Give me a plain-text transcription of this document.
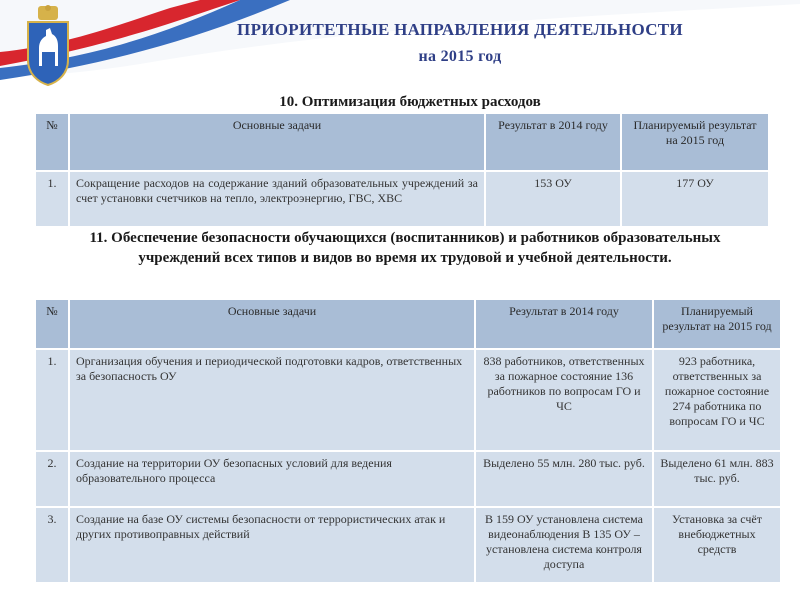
ПРИОРИТЕТНЫЕ НАПРАВЛЕНИЯ ДЕЯТЕЛЬНОСТИ
на 2015 год
10. Оптимизация бюджетных расходов
№	Основные задачи	Результат в 2014 году	Планируемый результат на 2015 год
1.	Сокращение расходов на содержание зданий образовательных учреждений за счет установки счетчиков на тепло, электроэнергию, ГВС, ХВС	153 ОУ	177 ОУ
11. Обеспечение безопасности обучающихся (воспитанников) и работников образовательных учреждений всех типов и видов во время их трудовой и учебной деятельности.
№	Основные задачи	Результат в 2014 году	Планируемый результат на 2015 год
1.	Организация обучения и периодической подготовки кадров, ответственных за безопасность ОУ	838 работников, ответственных за пожарное состояние 136 работников по вопросам ГО и ЧС	923 работника, ответственных за пожарное состояние 274 работника по вопросам ГО и ЧС
2.	Создание на территории ОУ безопасных условий для ведения образовательного процесса	Выделено 55 млн. 280 тыс. руб.	Выделено 61 млн. 883 тыс. руб.
3.	Создание на базе ОУ системы безопасности от террористических атак и других противоправных действий	В 159 ОУ установлена система видеонаблюдения В 135 ОУ – установлена система контроля доступа	Установка за счёт внебюджетных средств
